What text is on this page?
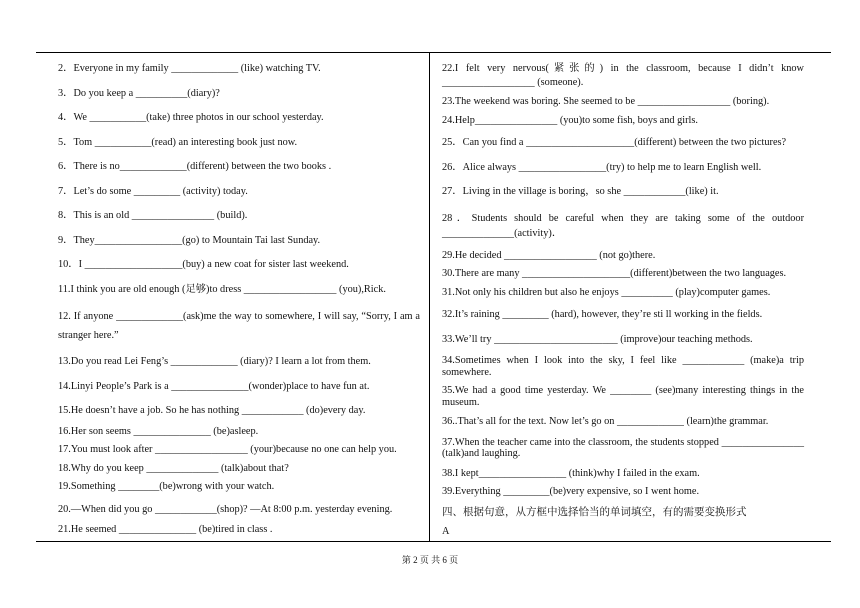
2．Everyone in my family _____________ (like) watching TV.
3．Do you keep a __________(diary)?
4．We ___________(take) three photos in our school yesterday.
5．Tom ___________(read) an interesting book just now.
6．There is no_____________(different) between the two books .
7．Let’s do some _________ (activity) today.
8．This is an old ________________ (build).
9．They_________________(go) to Mountain Tai last Sunday.
10．I ___________________(buy) a new coat for sister last weekend.
11.I think you are old enough (足够)to dress __________________ (you),Rick.
12. If anyone _____________(ask)me the way to somewhere, I will say, “Sorry, I am a stranger here.”
13.Do you read Lei Feng’s _____________ (diary)? I learn a lot from them.
14.Linyi People’s Park is a _______________(wonder)place to have fun at.
15.He doesn’t have a job. So he has nothing ____________ (do)every day.
16.Her son seems _______________ (be)asleep.
17.You must look after __________________ (your)because no one can help you.
18.Why do you keep ______________ (talk)about that?
19.Something ________(be)wrong with your watch.
20.—When did you go ____________(shop)? —At 8:00 p.m. yesterday evening.
21.He seemed _______________ (be)tired in class .
22.I felt very nervous(紧张的) in the classroom, because I didn’t know __________________ (someone).
23.The weekend was boring. She seemed to be __________________ (boring).
24.Help________________ (you)to some fish, boys and girls.
25．Can you find a _____________________(different) between the two pictures?
26．Alice always _________________(try) to help me to learn English well.
27．Living in the village is boring，so she ____________(like) it.
28．Students should be careful when they are taking some of the outdoor ______________(activity)．
29.He decided __________________ (not go)there.
30.There are many _____________________(different)between the two languages.
31.Not only his children but also he enjoys __________ (play)computer games.
32.It’s raining _________ (hard), however, they’re sti ll working in the fields.
33.We’ll try ________________________ (improve)our teaching methods.
34.Sometimes when I look into the sky, I feel like ____________ (make)a trip somewhere.
35.We had a good time yesterday. We ________ (see)many interesting things in the museum.
36..That’s all for the text. Now let’s go on _____________ (learn)the grammar.
37.When the teacher came into the classroom, the students stopped ________________ (talk)and laughing.
38.I kept_________________ (think)why I failed in the exam.
39.Everything _________(be)very expensive, so I went home.
四、根据句意，从方框中选择恰当的单词填空，有的需要变换形式
A
第 2 页 共 6 页
